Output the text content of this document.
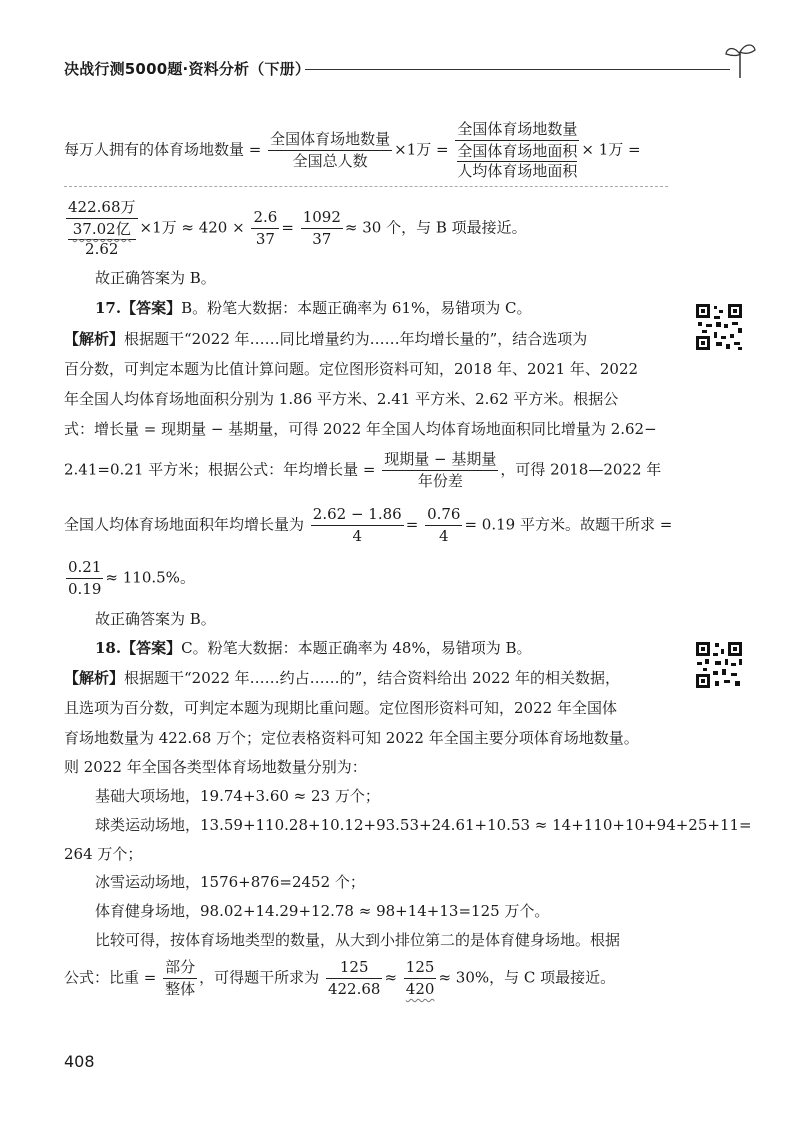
决战行测5000题·资料分析（下册）
每万人拥有的体育场地数量 = $\frac{\text{全国体育场地数量}}{\text{全国总人数}} \times 1$万 = 全国体育场地数量
全国体育场地面积
人均体育场地面积 × 1万 =
422.68万
37.02亿
2.62 ×1万 ≈ $420 \times \frac{2.6}{37} = \frac{1092}{37} \approx 30$ 个，与 B 项最接近。
故正确答案为 B。
17.【答案】B。粉笔大数据：本题正确率为 61%，易错项为 C。
【解析】根据题干“2022 年……同比增量约为……年均增长量的”，结合选项为
百分数，可判定本题为比值计算问题。定位图形资料可知，2018 年、2021 年、2022
年全国人均体育场地面积分别为 1.86 平方米、2.41 平方米、2.62 平方米。根据公
式：增长量 = 现期量 − 基期量，可得 2022 年全国人均体育场地面积同比增量为 2.62−
2.41=0.21 平方米；根据公式：年均增长量 = $\frac{\text{现期量 − 基期量}}{\text{年份差}}$ ，可得 2018—2022 年
全国人均体育场地面积年均增长量为 $\frac{2.62 - 1.86}{4} = \frac{0.76}{4} = 0.19$ 平方米。故题干所求 =
$\frac{0.21}{0.19} \approx 110.5\%$。
故正确答案为 B。
18.【答案】C。粉笔大数据：本题正确率为 48%，易错项为 B。
【解析】根据题干“2022 年……约占……的”，结合资料给出 2022 年的相关数据，
且选项为百分数，可判定本题为现期比重问题。定位图形资料可知，2022 年全国体
育场地数量为 422.68 万个；定位表格资料可知 2022 年全国主要分项体育场地数量。
则 2022 年全国各类型体育场地数量分别为：
基础大项场地，19.74+3.60 ≈ 23 万个；
球类运动场地，13.59+110.28+10.12+93.53+24.61+10.53 ≈ 14+110+10+94+25+11=
264 万个；
冰雪运动场地，1576+876=2452 个；
体育健身场地，98.02+14.29+12.78 ≈ 98+14+13=125 万个。
比较可得，按体育场地类型的数量，从大到小排位第二的是体育健身场地。根据
公式：比重 = $\frac{\text{部分}}{\text{整体}}$ ，可得题干所求为 $\frac{125}{422.68} \approx \frac{125}{420} \approx 30\%$，与 C 项最接近。
408
